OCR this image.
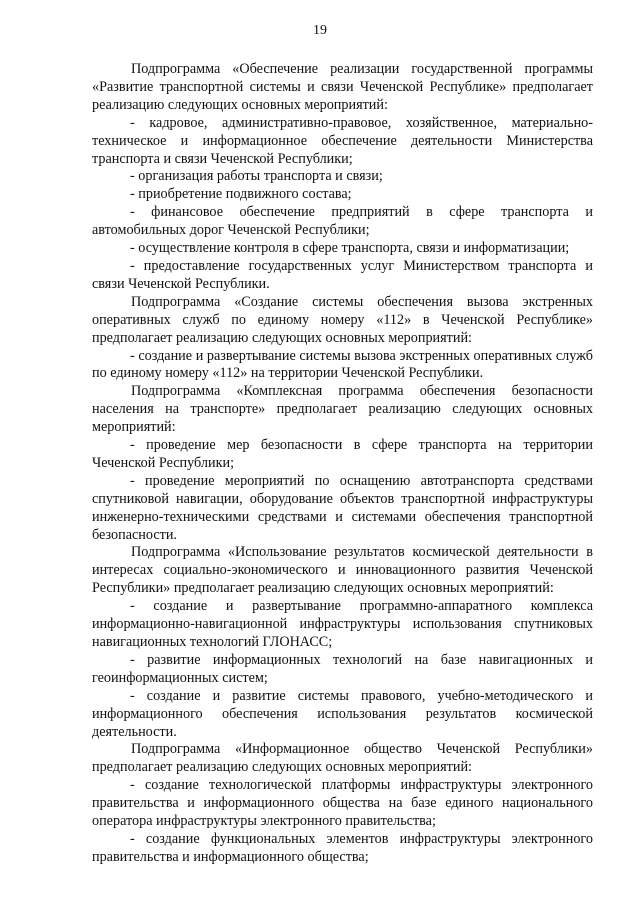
19

Подпрограмма «Обеспечение реализации государственной программы «Развитие транспортной системы и связи Чеченской Республике» предполагает реализацию следующих основных мероприятий:

- кадровое, административно-правовое, хозяйственное, материально-техническое и информационное обеспечение деятельности Министерства транспорта и связи Чеченской Республики;

- организация работы транспорта и связи;

- приобретение подвижного состава;

- финансовое обеспечение предприятий в сфере транспорта и автомобильных дорог Чеченской Республики;

- осуществление контроля в сфере транспорта, связи и информатизации;

- предоставление государственных услуг Министерством транспорта и связи Чеченской Республики.

Подпрограмма «Создание системы обеспечения вызова экстренных оперативных служб по единому номеру «112» в Чеченской Республике» предполагает реализацию следующих основных мероприятий:

- создание и развертывание системы вызова экстренных оперативных служб по единому номеру «112» на территории Чеченской Республики.

Подпрограмма «Комплексная программа обеспечения безопасности населения на транспорте» предполагает реализацию следующих основных мероприятий:

- проведение мер безопасности в сфере транспорта на территории Чеченской Республики;

- проведение мероприятий по оснащению автотранспорта средствами спутниковой навигации, оборудование объектов транспортной инфраструктуры инженерно-техническими средствами и системами обеспечения транспортной безопасности.

Подпрограмма «Использование результатов космической деятельности в интересах социально-экономического и инновационного развития Чеченской Республики» предполагает реализацию следующих основных мероприятий:

- создание и развертывание программно-аппаратного комплекса информационно-навигационной инфраструктуры использования спутниковых навигационных технологий ГЛОНАСС;

- развитие информационных технологий на базе навигационных и геоинформационных систем;

- создание и развитие системы правового, учебно-методического и информационного обеспечения использования результатов космической деятельности.

Подпрограмма «Информационное общество Чеченской Республики» предполагает реализацию следующих основных мероприятий:

- создание технологической платформы инфраструктуры электронного правительства и информационного общества на базе единого национального оператора инфраструктуры электронного правительства;

- создание функциональных элементов инфраструктуры электронного правительства и информационного общества;
